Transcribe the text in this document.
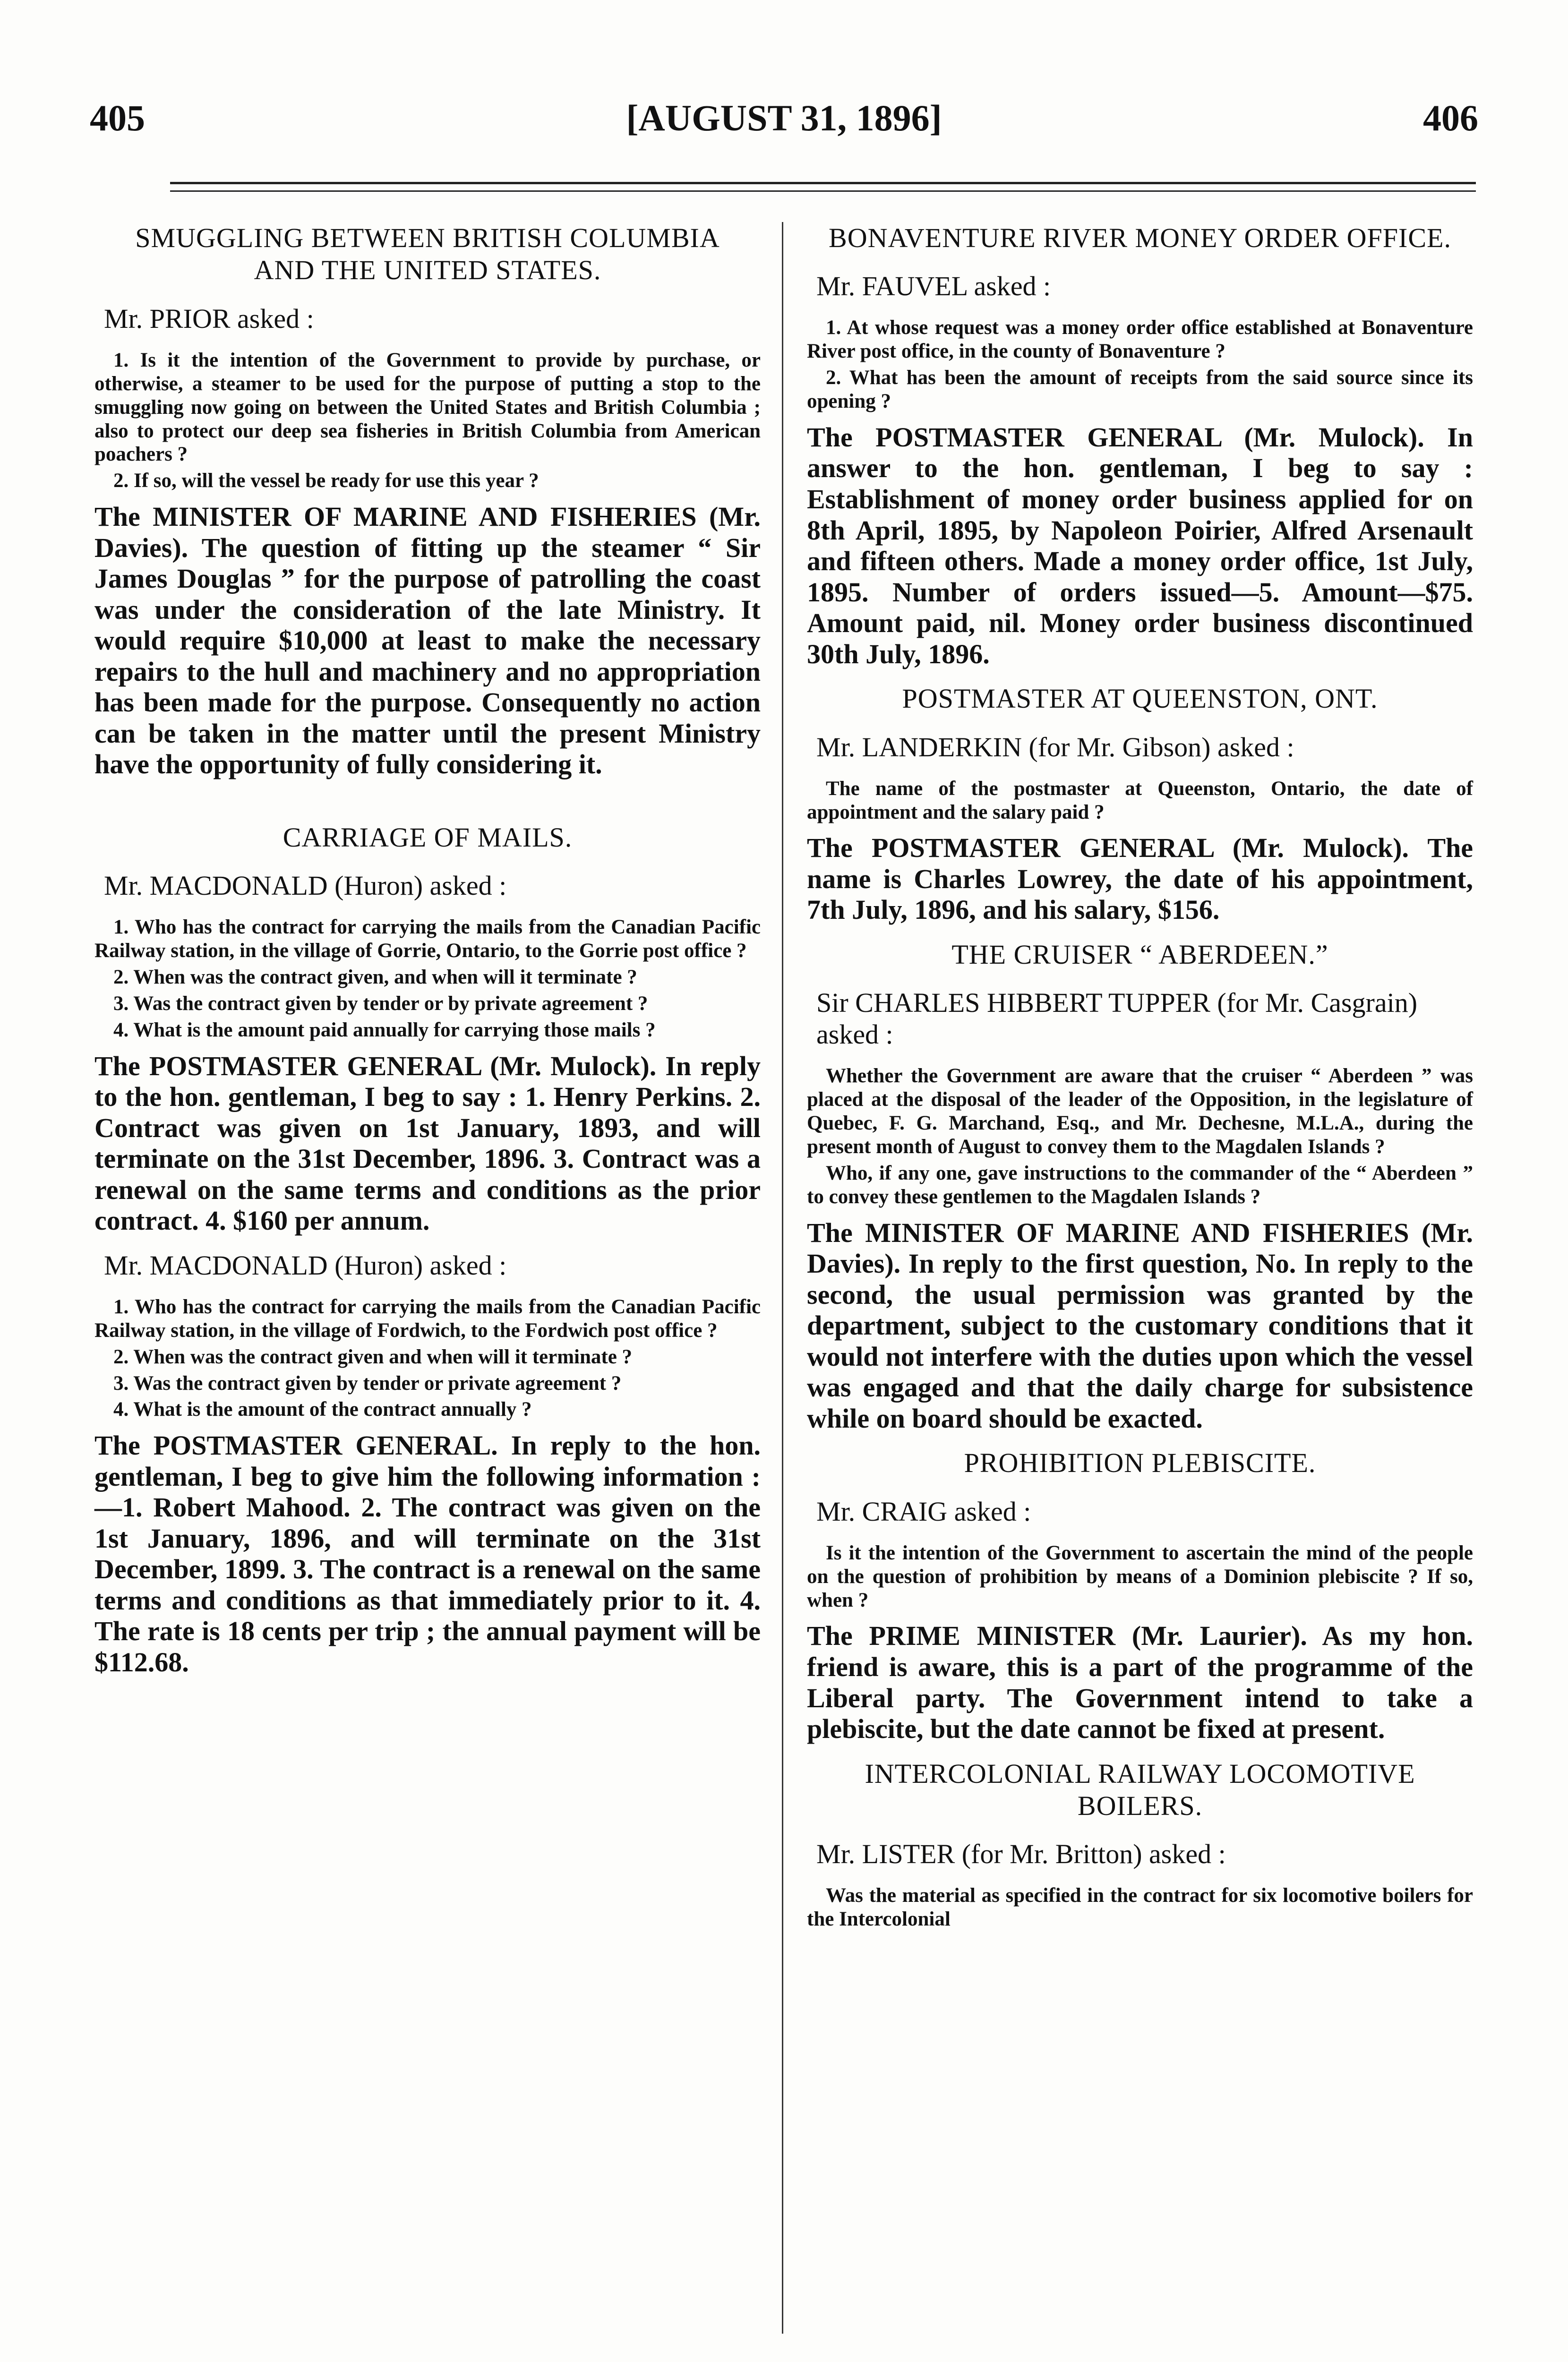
405	[AUGUST 31, 1896]	406
SMUGGLING BETWEEN BRITISH COLUMBIA AND THE UNITED STATES.

Mr. PRIOR asked :

1. Is it the intention of the Government to provide by purchase, or otherwise, a steamer to be used for the purpose of putting a stop to the smuggling now going on between the United States and British Columbia ; also to protect our deep sea fisheries in British Columbia from American poachers ?

2. If so, will the vessel be ready for use this year ?

The MINISTER OF MARINE AND FISHERIES (Mr. Davies). The question of fitting up the steamer “ Sir James Douglas ” for the purpose of patrolling the coast was under the consideration of the late Ministry. It would require $10,000 at least to make the necessary repairs to the hull and machinery and no appropriation has been made for the purpose. Consequently no action can be taken in the matter until the present Ministry have the opportunity of fully considering it.

CARRIAGE OF MAILS.

Mr. MACDONALD (Huron) asked :

1. Who has the contract for carrying the mails from the Canadian Pacific Railway station, in the village of Gorrie, Ontario, to the Gorrie post office ?

2. When was the contract given, and when will it terminate ?

3. Was the contract given by tender or by private agreement ?

4. What is the amount paid annually for carrying those mails ?

The POSTMASTER GENERAL (Mr. Mulock). In reply to the hon. gentleman, I beg to say : 1. Henry Perkins. 2. Contract was given on 1st January, 1893, and will terminate on the 31st December, 1896. 3. Contract was a renewal on the same terms and conditions as the prior contract. 4. $160 per annum.

Mr. MACDONALD (Huron) asked :

1. Who has the contract for carrying the mails from the Canadian Pacific Railway station, in the village of Fordwich, to the Fordwich post office ?

2. When was the contract given and when will it terminate ?

3. Was the contract given by tender or private agreement ?

4. What is the amount of the contract annually ?

The POSTMASTER GENERAL. In reply to the hon. gentleman, I beg to give him the following information :—1. Robert Mahood. 2. The contract was given on the 1st January, 1896, and will terminate on the 31st December, 1899. 3. The contract is a renewal on the same terms and conditions as that immediately prior to it. 4. The rate is 18 cents per trip ; the annual payment will be $112.68.

BONAVENTURE RIVER MONEY ORDER OFFICE.

Mr. FAUVEL asked :

1. At whose request was a money order office established at Bonaventure River post office, in the county of Bonaventure ?

2. What has been the amount of receipts from the said source since its opening ?

The POSTMASTER GENERAL (Mr. Mulock). In answer to the hon. gentleman, I beg to say : Establishment of money order business applied for on 8th April, 1895, by Napoleon Poirier, Alfred Arsenault and fifteen others. Made a money order office, 1st July, 1895. Number of orders issued—5. Amount—$75. Amount paid, nil. Money order business discontinued 30th July, 1896.

POSTMASTER AT QUEENSTON, ONT.

Mr. LANDERKIN (for Mr. Gibson) asked :

The name of the postmaster at Queenston, Ontario, the date of appointment and the salary paid ?

The POSTMASTER GENERAL (Mr. Mulock). The name is Charles Lowrey, the date of his appointment, 7th July, 1896, and his salary, $156.

THE CRUISER “ ABERDEEN.”

Sir CHARLES HIBBERT TUPPER (for Mr. Casgrain) asked :

Whether the Government are aware that the cruiser “ Aberdeen ” was placed at the disposal of the leader of the Opposition, in the legislature of Quebec, F. G. Marchand, Esq., and Mr. Dechesne, M.L.A., during the present month of August to convey them to the Magdalen Islands ?

Who, if any one, gave instructions to the commander of the “ Aberdeen ” to convey these gentlemen to the Magdalen Islands ?

The MINISTER OF MARINE AND FISHERIES (Mr. Davies). In reply to the first question, No. In reply to the second, the usual permission was granted by the department, subject to the customary conditions that it would not interfere with the duties upon which the vessel was engaged and that the daily charge for subsistence while on board should be exacted.

PROHIBITION PLEBISCITE.

Mr. CRAIG asked :

Is it the intention of the Government to ascertain the mind of the people on the question of prohibition by means of a Dominion plebiscite ? If so, when ?

The PRIME MINISTER (Mr. Laurier). As my hon. friend is aware, this is a part of the programme of the Liberal party. The Government intend to take a plebiscite, but the date cannot be fixed at present.

INTERCOLONIAL RAILWAY LOCOMOTIVE BOILERS.

Mr. LISTER (for Mr. Britton) asked :

Was the material as specified in the contract for six locomotive boilers for the Intercolonial
